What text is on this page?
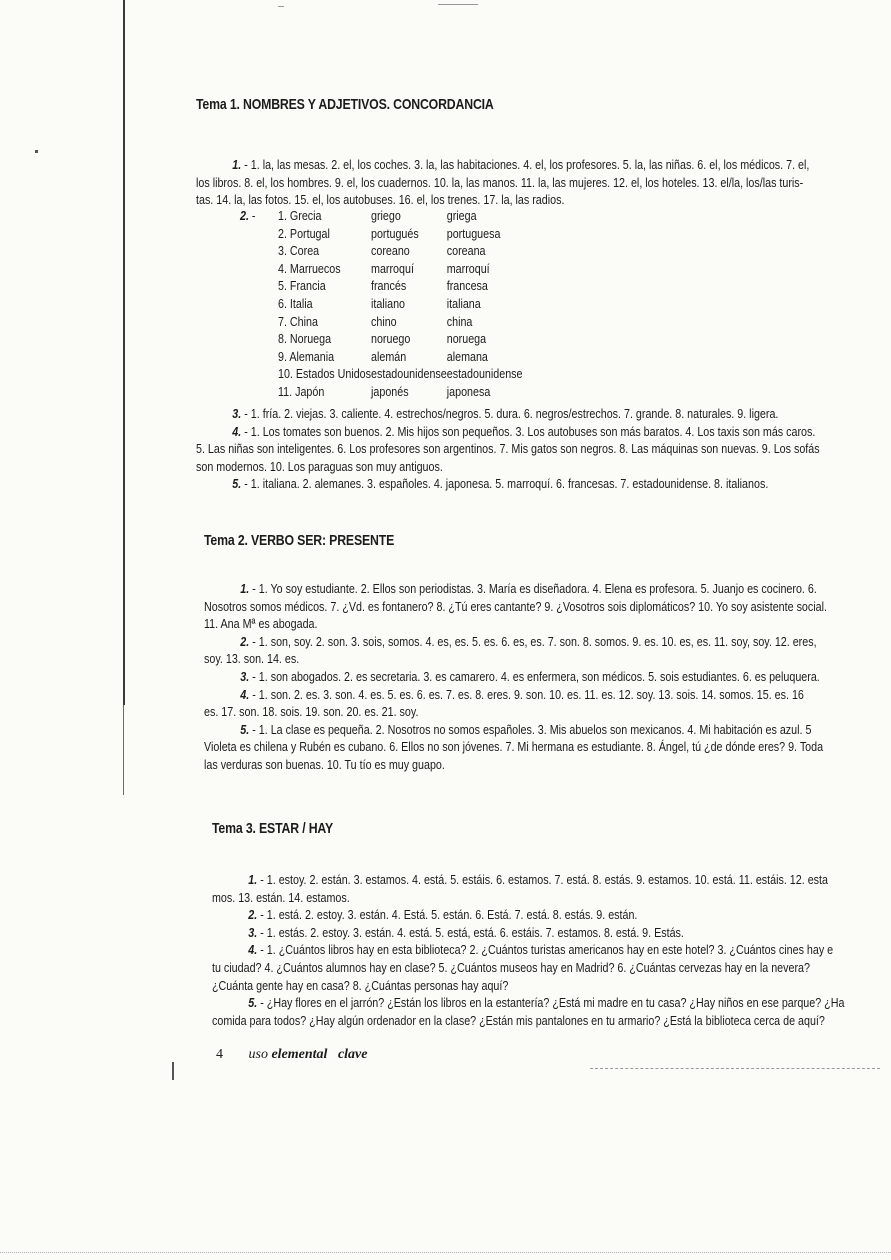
Tema 1. NOMBRES Y ADJETIVOS. CONCORDANCIA
1. - 1. la, las mesas. 2. el, los coches. 3. la, las habitaciones. 4. el, los profesores. 5. la, las niñas. 6. el, los médicos. 7. el,
los libros. 8. el, los hombres. 9. el, los cuadernos. 10. la, las manos. 11. la, las mujeres. 12. el, los hoteles. 13. el/la, los/las turis-
tas. 14. la, las fotos. 15. el, los autobuses. 16. el, los trenes. 17. la, las radios.

2. - 1. Grecia	griego	griega
2. Portugal	portugués	portuguesa
3. Corea	coreano	coreana
4. Marruecos	marroquí	marroquí
5. Francia	francés	francesa
6. Italia	italiano	italiana
7. China	chino	china
8. Noruega	noruego	noruega
9. Alemania	alemán	alemana
10. Estados Unidos	estadounidense	estadounidense
11. Japón	japonés	japonesa
3. - 1. fría. 2. viejas. 3. caliente. 4. estrechos/negros. 5. dura. 6. negros/estrechos. 7. grande. 8. naturales. 9. ligera.
4. - 1. Los tomates son buenos. 2. Mis hijos son pequeños. 3. Los autobuses son más baratos. 4. Los taxis son más caros.
5. Las niñas son inteligentes. 6. Los profesores son argentinos. 7. Mis gatos son negros. 8. Las máquinas son nuevas. 9. Los sofás
son modernos. 10. Los paraguas son muy antiguos.
5. - 1. italiana. 2. alemanes. 3. españoles. 4. japonesa. 5. marroquí. 6. francesas. 7. estadounidense. 8. italianos.
Tema 2. VERBO SER: PRESENTE
1. - 1. Yo soy estudiante. 2. Ellos son periodistas. 3. María es diseñadora. 4. Elena es profesora. 5. Juanjo es cocinero. 6.
Nosotros somos médicos. 7. ¿Vd. es fontanero? 8. ¿Tú eres cantante? 9. ¿Vosotros sois diplomáticos? 10. Yo soy asistente social.
11. Ana Mª es abogada.
2. - 1. son, soy. 2. son. 3. sois, somos. 4. es, es. 5. es. 6. es, es. 7. son. 8. somos. 9. es. 10. es, es. 11. soy, soy. 12. eres,
soy. 13. son. 14. es.
3. - 1. son abogados. 2. es secretaria. 3. es camarero. 4. es enfermera, son médicos. 5. sois estudiantes. 6. es peluquera.
4. - 1. son. 2. es. 3. son. 4. es. 5. es. 6. es. 7. es. 8. eres. 9. son. 10. es. 11. es. 12. soy. 13. sois. 14. somos. 15. es. 16
es. 17. son. 18. sois. 19. son. 20. es. 21. soy.
5. - 1. La clase es pequeña. 2. Nosotros no somos españoles. 3. Mis abuelos son mexicanos. 4. Mi habitación es azul. 5
Violeta es chilena y Rubén es cubano. 6. Ellos no son jóvenes. 7. Mi hermana es estudiante. 8. Ángel, tú ¿de dónde eres? 9. Toda
las verduras son buenas. 10. Tu tío es muy guapo.
Tema 3. ESTAR / HAY
1. - 1. estoy. 2. están. 3. estamos. 4. está. 5. estáis. 6. estamos. 7. está. 8. estás. 9. estamos. 10. está. 11. estáis. 12. esta
mos. 13. están. 14. estamos.
2. - 1. está. 2. estoy. 3. están. 4. Está. 5. están. 6. Está. 7. está. 8. estás. 9. están.
3. - 1. estás. 2. estoy. 3. están. 4. está. 5. está, está. 6. estáis. 7. estamos. 8. está. 9. Estás.
4. - 1. ¿Cuántos libros hay en esta biblioteca? 2. ¿Cuántos turistas americanos hay en este hotel? 3. ¿Cuántos cines hay e
tu ciudad? 4. ¿Cuántos alumnos hay en clase? 5. ¿Cuántos museos hay en Madrid? 6. ¿Cuántas cervezas hay en la nevera?
¿Cuánta gente hay en casa? 8. ¿Cuántas personas hay aquí?
5. - ¿Hay flores en el jarrón? ¿Están los libros en la estantería? ¿Está mi madre en tu casa? ¿Hay niños en ese parque? ¿Ha
comida para todos? ¿Hay algún ordenador en la clase? ¿Están mis pantalones en tu armario? ¿Está la biblioteca cerca de aquí?
4 uso elemental clave
